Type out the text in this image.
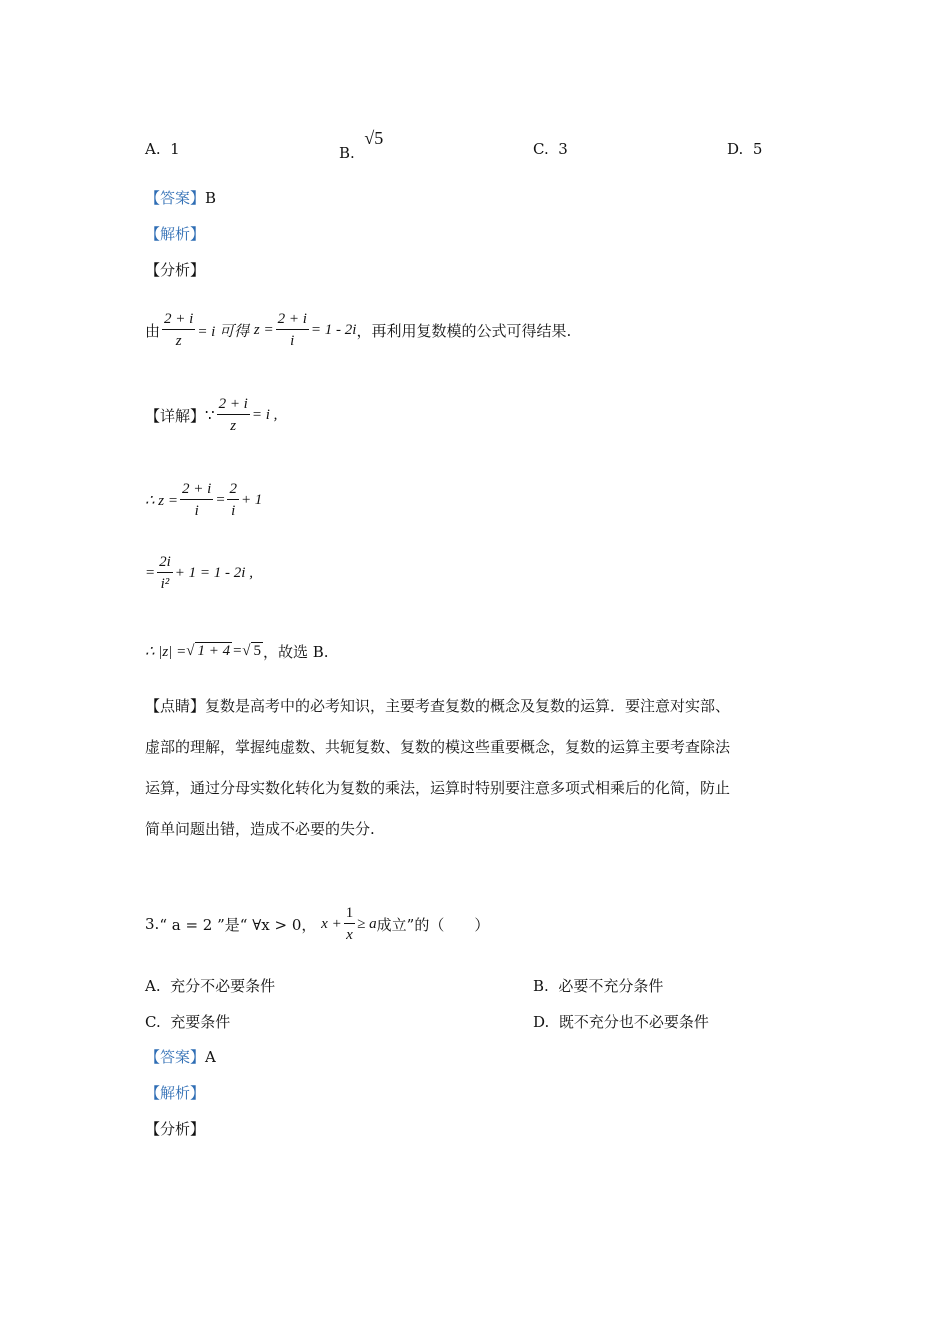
A. 1	B.  √5
C. 3	D. 5
【答案】B
【解析】
【分析】
由 $\frac{2 + i}{z} = i$ 可得
$z = \frac{2 + i}{i} = 1 - 2i$ ，再利用复数模的公式可得结果.
【详解】 ∵ $\frac{2 + i}{z} = i$ ,
∴ $z = \frac{2 + i}{i} = \frac{2}{i} + 1$
= $\frac{2i}{\text{i²}} + 1 = 1 - 2i$ ,
∴ |z| = √ 1 + 4 = √ 5 ，故选 B.
【点睛】复数是高考中的必考知识，主要考查复数的概念及复数的运算．要注意对实部、
虚部的理解，掌握纯虚数、共轭复数、复数的模这些重要概念，复数的运算主要考查除法
运算，通过分母实数化转化为复数的乘法，运算时特别要注意多项式相乘后的化简，防止
简单问题出错，造成不必要的失分.
3. “ a = 2 ”是“ ∀x > 0，
$x + \frac{1}{x} \ge a$ 成立”的（　　）
A. 充分不必要条件	B. 必要不充分条件
C. 充要条件	D. 既不充分也不必要条件
【答案】A
【解析】
【分析】
